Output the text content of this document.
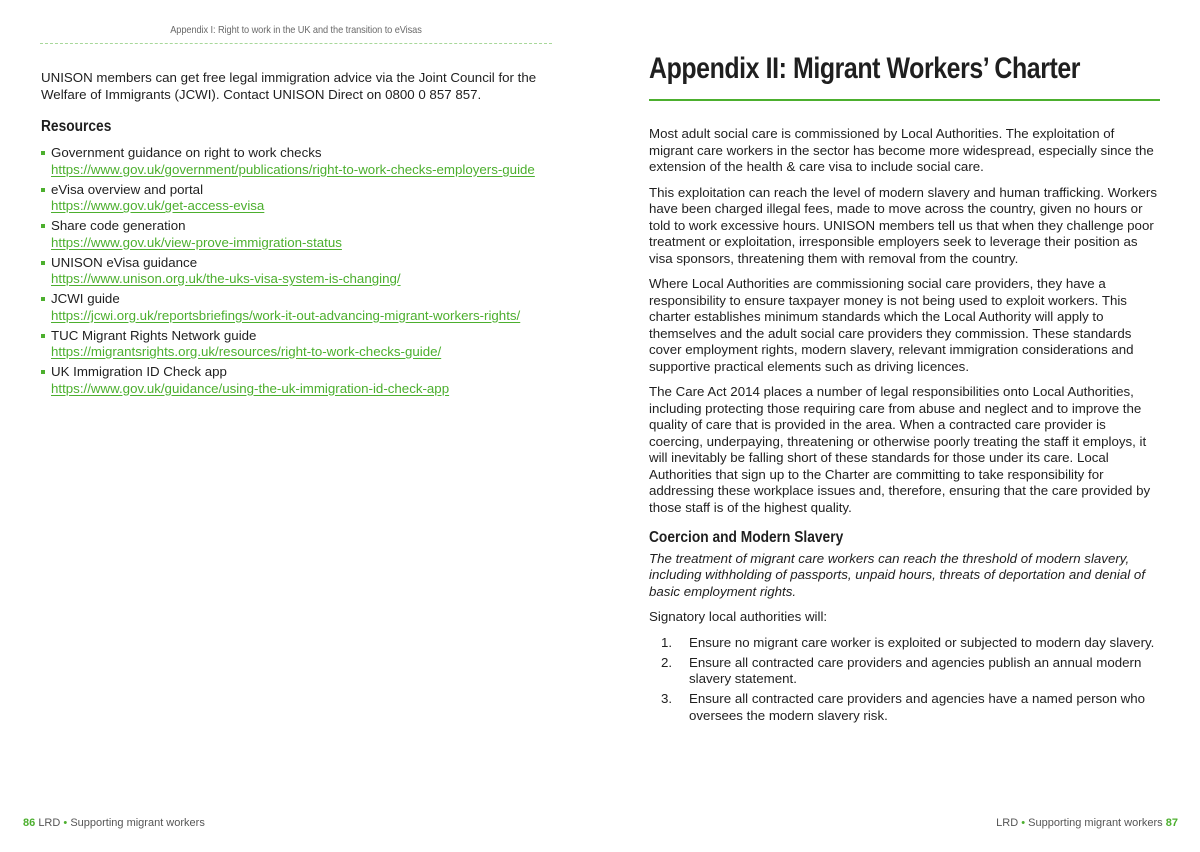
Appendix I: Right to work in the UK and the transition to eVisas
UNISON members can get free legal immigration advice via the Joint Council for the Welfare of Immigrants (JCWI). Contact UNISON Direct on 0800 0 857 857.
Resources
Government guidance on right to work checks
https://www.gov.uk/government/publications/right-to-work-checks-employers-guide
eVisa overview and portal
https://www.gov.uk/get-access-evisa
Share code generation
https://www.gov.uk/view-prove-immigration-status
UNISON eVisa guidance
https://www.unison.org.uk/the-uks-visa-system-is-changing/
JCWI guide
https://jcwi.org.uk/reportsbriefings/work-it-out-advancing-migrant-workers-rights/
TUC Migrant Rights Network guide
https://migrantsrights.org.uk/resources/right-to-work-checks-guide/
UK Immigration ID Check app
https://www.gov.uk/guidance/using-the-uk-immigration-id-check-app
86 LRD • Supporting migrant workers
Appendix II: Migrant Workers’ Charter

Most adult social care is commissioned by Local Authorities. The exploitation of migrant care workers in the sector has become more widespread, especially since the extension of the health & care visa to include social care.

This exploitation can reach the level of modern slavery and human trafficking. Workers have been charged illegal fees, made to move across the country, given no hours or told to work excessive hours. UNISON members tell us that when they challenge poor treatment or exploitation, irresponsible employers seek to leverage their position as visa sponsors, threatening them with removal from the country.

Where Local Authorities are commissioning social care providers, they have a responsibility to ensure taxpayer money is not being used to exploit workers. This charter establishes minimum standards which the Local Authority will apply to themselves and the adult social care providers they commission. These standards cover employment rights, modern slavery, relevant immigration considerations and supportive practical elements such as driving licences.

The Care Act 2014 places a number of legal responsibilities onto Local Authorities, including protecting those requiring care from abuse and neglect and to improve the quality of care that is provided in the area. When a contracted care provider is coercing, underpaying, threatening or otherwise poorly treating the staff it employs, it will inevitably be falling short of these standards for those under its care. Local Authorities that sign up to the Charter are committing to take responsibility for addressing these workplace issues and, therefore, ensuring that the care provided by those staff is of the highest quality.

Coercion and Modern Slavery

The treatment of migrant care workers can reach the threshold of modern slavery, including withholding of passports, unpaid hours, threats of deportation and denial of basic employment rights.

Signatory local authorities will:

1. Ensure no migrant care worker is exploited or subjected to modern day slavery.
2. Ensure all contracted care providers and agencies publish an annual modern slavery statement.
3. Ensure all contracted care providers and agencies have a named person who oversees the modern slavery risk.
LRD • Supporting migrant workers 87
